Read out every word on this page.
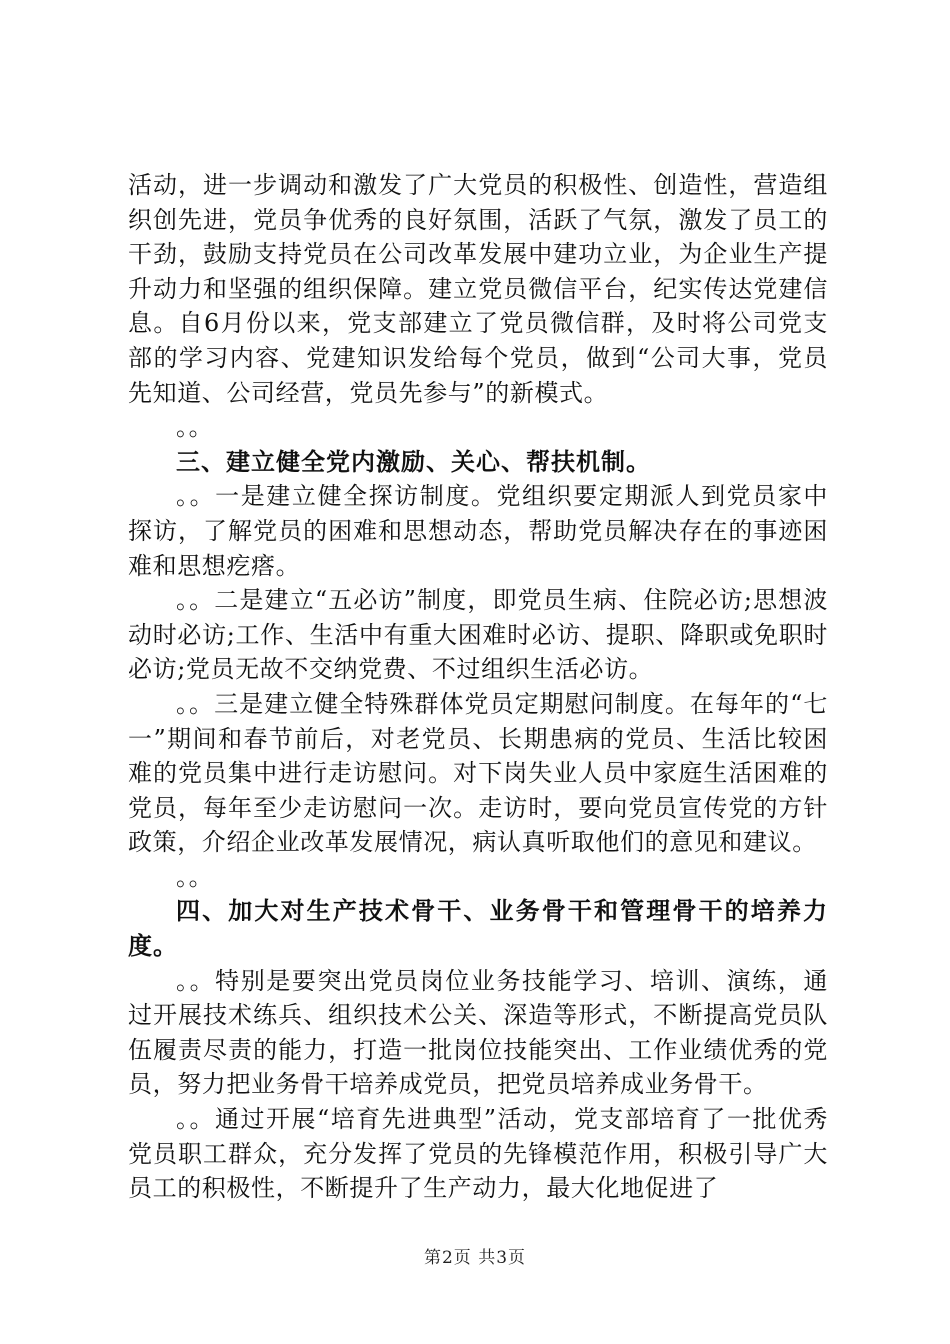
活动，进一步调动和激发了广大党员的积极性、创造性，营造组织创先进，党员争优秀的良好氛围，活跃了气氛，激发了员工的干劲，鼓励支持党员在公司改革发展中建功立业，为企业生产提升动力和坚强的组织保障。建立党员微信平台，纪实传达党建信息。自6月份以来，党支部建立了党员微信群，及时将公司党支部的学习内容、党建知识发给每个党员，做到“公司大事，党员先知道、公司经营，党员先参与”的新模式。

。。

三、建立健全党内激励、关心、帮扶机制。

。。一是建立健全探访制度。党组织要定期派人到党员家中探访，了解党员的困难和思想动态，帮助党员解决存在的事迹困难和思想疙瘩。

。。二是建立“五必访”制度，即党员生病、住院必访;思想波动时必访;工作、生活中有重大困难时必访、提职、降职或免职时必访;党员无故不交纳党费、不过组织生活必访。

。。三是建立健全特殊群体党员定期慰问制度。在每年的“七一”期间和春节前后，对老党员、长期患病的党员、生活比较困难的党员集中进行走访慰问。对下岗失业人员中家庭生活困难的党员，每年至少走访慰问一次。走访时，要向党员宣传党的方针政策，介绍企业改革发展情况，病认真听取他们的意见和建议。

。。

四、加大对生产技术骨干、业务骨干和管理骨干的培养力度。

。。特别是要突出党员岗位业务技能学习、培训、演练，通过开展技术练兵、组织技术公关、深造等形式，不断提高党员队伍履责尽责的能力，打造一批岗位技能突出、工作业绩优秀的党员，努力把业务骨干培养成党员，把党员培养成业务骨干。

。。通过开展“培育先进典型”活动，党支部培育了一批优秀党员职工群众，充分发挥了党员的先锋模范作用，积极引导广大员工的积极性，不断提升了生产动力，最大化地促进了

第2页 共3页
